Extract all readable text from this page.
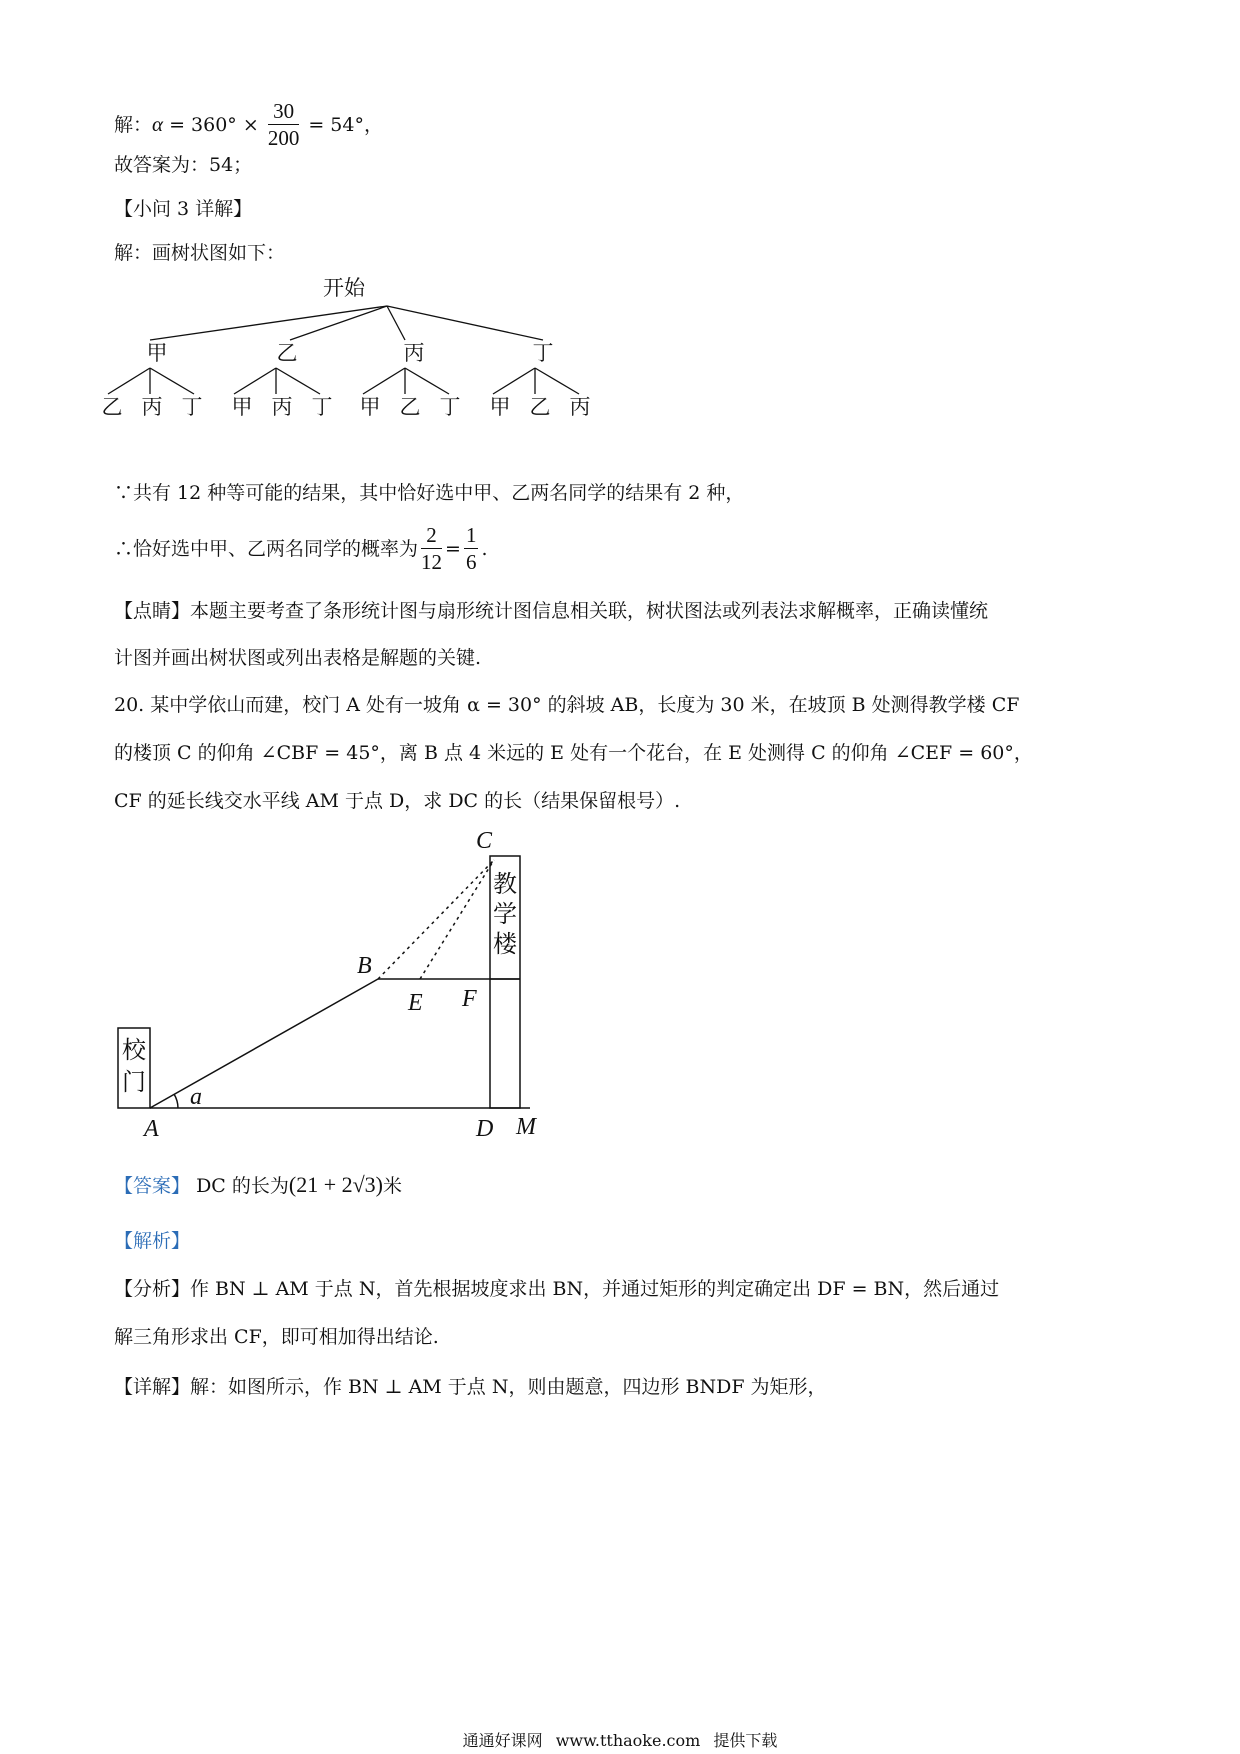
解：$\alpha = 360^\circ \times \frac{30}{200} = 54^\circ$，
故答案为：54；
【小问 3 详解】
解：画树状图如下：
开始
甲	乙	丙	丁
乙 丙 丁 甲 丙 丁 甲 乙 丁 甲 乙 丙
∵共有 12 种等可能的结果，其中恰好选中甲、乙两名同学的结果有 2 种，
∴恰好选中甲、乙两名同学的概率为 $\frac{2}{12} = \frac{1}{6}$ .
【点睛】本题主要考查了条形统计图与扇形统计图信息相关联，树状图法或列表法求解概率，正确读懂统
计图并画出树状图或列出表格是解题的关键.
20. 某中学依山而建，校门 A 处有一坡角 α = 30° 的斜坡 AB，长度为 30 米，在坡顶 B 处测得教学楼 CF
的楼顶 C 的仰角 ∠CBF = 45°，离 B 点 4 米远的 E 处有一个花台，在 E 处测得 C 的仰角 ∠CEF = 60°，
CF 的延长线交水平线 AM 于点 D，求 DC 的长（结果保留根号）.
C
B
E F
A	D M
a
教
学
楼
校
门
【答案】 DC 的长为(21 + 2√3)米
【解析】
【分析】作 BN ⊥ AM 于点 N，首先根据坡度求出 BN，并通过矩形的判定确定出 DF = BN，然后通过
解三角形求出 CF，即可相加得出结论.
【详解】解：如图所示，作 BN ⊥ AM 于点 N，则由题意，四边形 BNDF 为矩形，
通通好课网 www.tthaoke.com 提供下载
